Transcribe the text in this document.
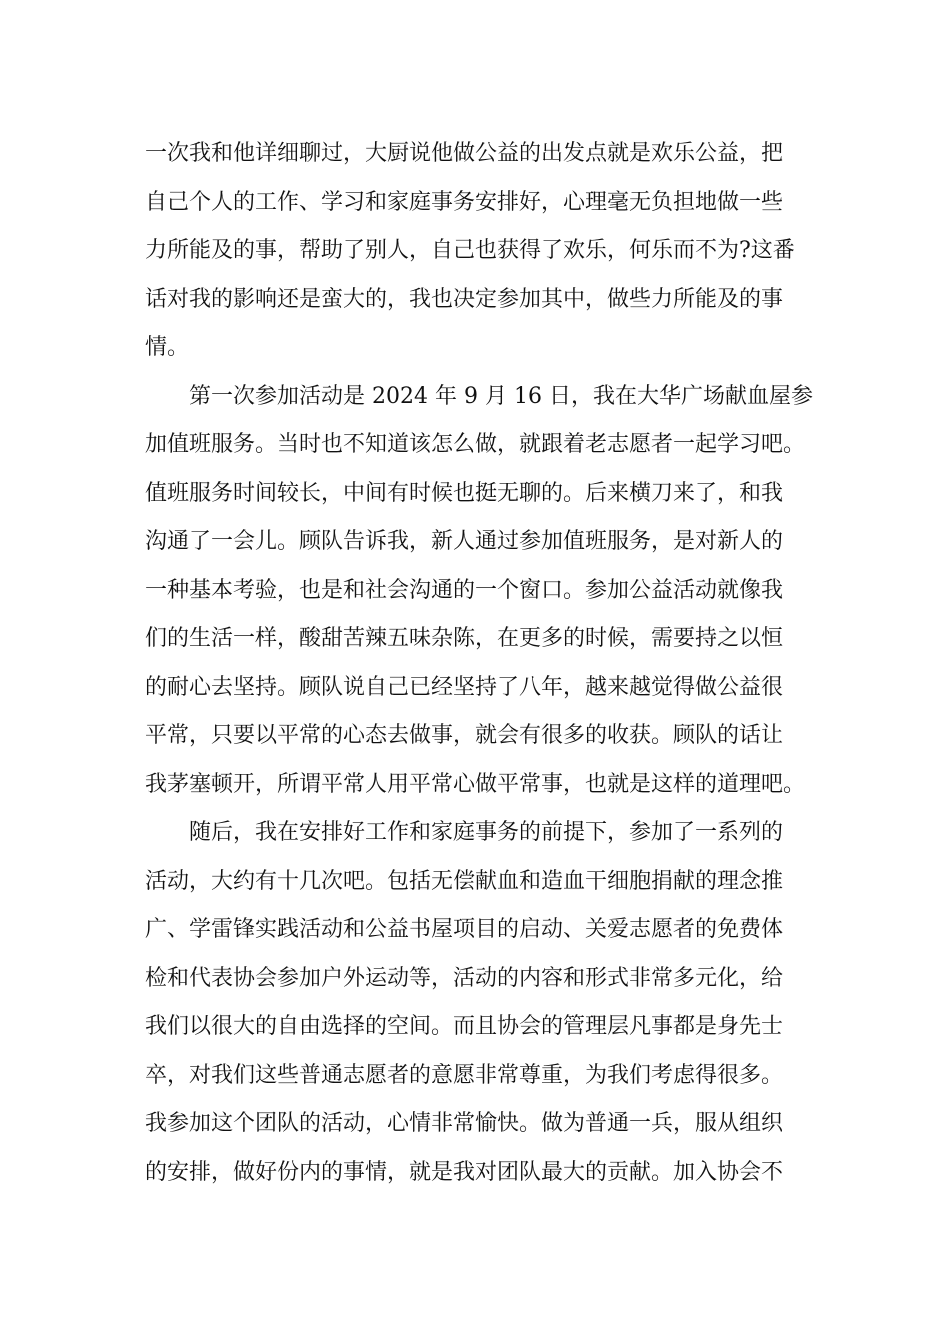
一次我和他详细聊过，大厨说他做公益的出发点就是欢乐公益，把
自己个人的工作、学习和家庭事务安排好，心理毫无负担地做一些
力所能及的事，帮助了别人，自己也获得了欢乐，何乐而不为?这番
话对我的影响还是蛮大的，我也决定参加其中，做些力所能及的事
情。
第一次参加活动是 2024 年 9 月 16 日，我在大华广场献血屋参
加值班服务。当时也不知道该怎么做，就跟着老志愿者一起学习吧。
值班服务时间较长，中间有时候也挺无聊的。后来横刀来了，和我
沟通了一会儿。顾队告诉我，新人通过参加值班服务，是对新人的
一种基本考验，也是和社会沟通的一个窗口。参加公益活动就像我
们的生活一样，酸甜苦辣五味杂陈，在更多的时候，需要持之以恒
的耐心去坚持。顾队说自己已经坚持了八年，越来越觉得做公益很
平常，只要以平常的心态去做事，就会有很多的收获。顾队的话让
我茅塞顿开，所谓平常人用平常心做平常事，也就是这样的道理吧。
随后，我在安排好工作和家庭事务的前提下，参加了一系列的
活动，大约有十几次吧。包括无偿献血和造血干细胞捐献的理念推
广、学雷锋实践活动和公益书屋项目的启动、关爱志愿者的免费体
检和代表协会参加户外运动等，活动的内容和形式非常多元化，给
我们以很大的自由选择的空间。而且协会的管理层凡事都是身先士
卒，对我们这些普通志愿者的意愿非常尊重，为我们考虑得很多。
我参加这个团队的活动，心情非常愉快。做为普通一兵，服从组织
的安排，做好份内的事情，就是我对团队最大的贡献。加入协会不
